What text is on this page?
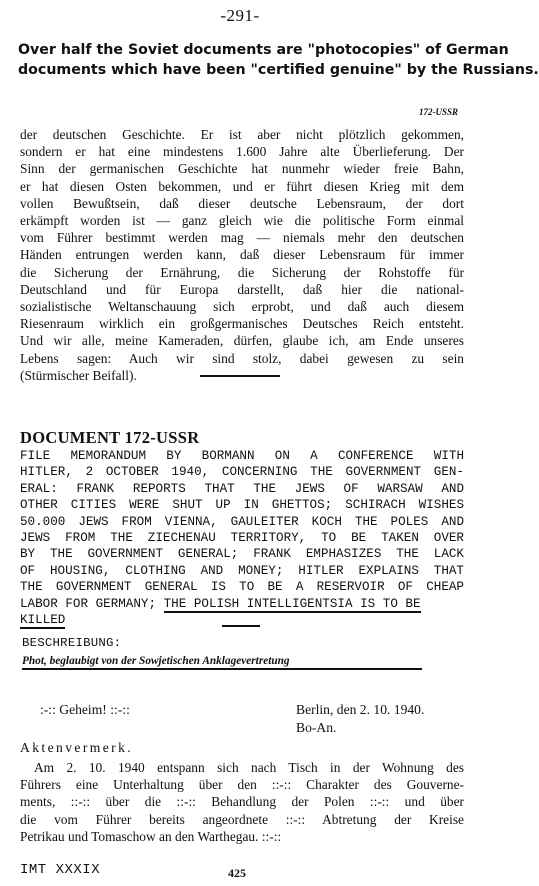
-291-
Over half the Soviet documents are "photocopies" of German
documents which have been "certified genuine" by the Russians.
172-USSR
der deutschen Geschichte. Er ist aber nicht plötzlich gekommen,
sondern er hat eine mindestens 1.600 Jahre alte Überlieferung. Der
Sinn der germanischen Geschichte hat nunmehr wieder freie Bahn,
er hat diesen Osten bekommen, und er führt diesen Krieg mit dem
vollen Bewußtsein, daß dieser deutsche Lebensraum, der dort
erkämpft worden ist — ganz gleich wie die politische Form einmal
vom Führer bestimmt werden mag — niemals mehr den deutschen
Händen entrungen werden kann, daß dieser Lebensraum für immer
die Sicherung der Ernährung, die Sicherung der Rohstoffe für
Deutschland und für Europa darstellt, daß hier die national-
sozialistische Weltanschauung sich erprobt, und daß auch diesem
Riesenraum wirklich ein großgermanisches Deutsches Reich entsteht.
Und wir alle, meine Kameraden, dürfen, glaube ich, am Ende unseres
Lebens sagen: Auch wir sind stolz, dabei gewesen zu sein
(Stürmischer Beifall).
DOCUMENT 172-USSR
FILE MEMORANDUM BY BORMANN ON A CONFERENCE WITH
HITLER, 2 OCTOBER 1940, CONCERNING THE GOVERNMENT GEN-
ERAL: FRANK REPORTS THAT THE JEWS OF WARSAW AND
OTHER CITIES WERE SHUT UP IN GHETTOS; SCHIRACH WISHES
50.000 JEWS FROM VIENNA, GAULEITER KOCH THE POLES AND
JEWS FROM THE ZIECHENAU TERRITORY, TO BE TAKEN OVER
BY THE GOVERNMENT GENERAL; FRANK EMPHASIZES THE LACK
OF HOUSING, CLOTHING AND MONEY; HITLER EXPLAINS THAT
THE GOVERNMENT GENERAL IS TO BE A RESERVOIR OF CHEAP
LABOR FOR GERMANY; THE POLISH INTELLIGENTSIA IS TO BE
KILLED
BESCHREIBUNG:
Phot, beglaubigt von der Sowjetischen Anklagevertretung
:-:: Geheim! ::-::	Berlin, den 2. 10. 1940.
Bo-An.
Aktenvermerk.
Am 2. 10. 1940 entspann sich nach Tisch in der Wohnung des
Führers eine Unterhaltung über den ::-:: Charakter des Gouverne-
ments, ::-:: über die ::-:: Behandlung der Polen ::-:: und über
die vom Führer bereits angeordnete ::-:: Abtretung der Kreise
Petrikau und Tomaschow an den Warthegau. ::-::
IMT XXXIX	425
